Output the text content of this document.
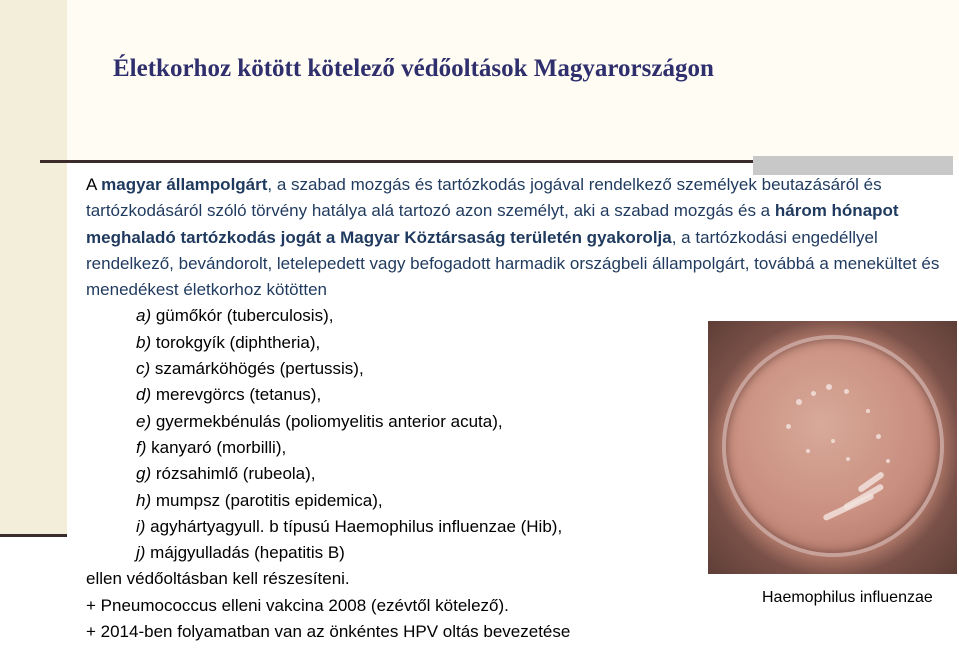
Életkorhoz kötött kötelező védőoltások Magyarországon

A magyar állampolgárt, a szabad mozgás és tartózkodás jogával rendelkező személyek beutazásáról és tartózkodásáról szóló törvény hatálya alá tartozó azon személyt, aki a szabad mozgás és a három hónapot meghaladó tartózkodás jogát a Magyar Köztársaság területén gyakorolja, a tartózkodási engedéllyel rendelkező, bevándorolt, letelepedett vagy befogadott harmadik országbeli állampolgárt, továbbá a menekültet és menedékest életkorhoz kötötten

a) gümőkór (tuberculosis),
b) torokgyík (diphtheria),
c) szamárköhögés (pertussis),
d) merevgörcs (tetanus),
e) gyermekbénulás (poliomyelitis anterior acuta),
f) kanyaró (morbilli),
g) rózsahimlő (rubeola),
h) mumpsz (parotitis epidemica),
i) agyhártyagyull. b típusú Haemophilus influenzae (Hib),
j) májgyulladás (hepatitis B)

ellen védőoltásban kell részesíteni.

+ Pneumococcus elleni vakcina 2008 (ezévtől kötelező).

+ 2014-ben folyamatban van az önkéntes HPV oltás bevezetése

Haemophilus influenzae
